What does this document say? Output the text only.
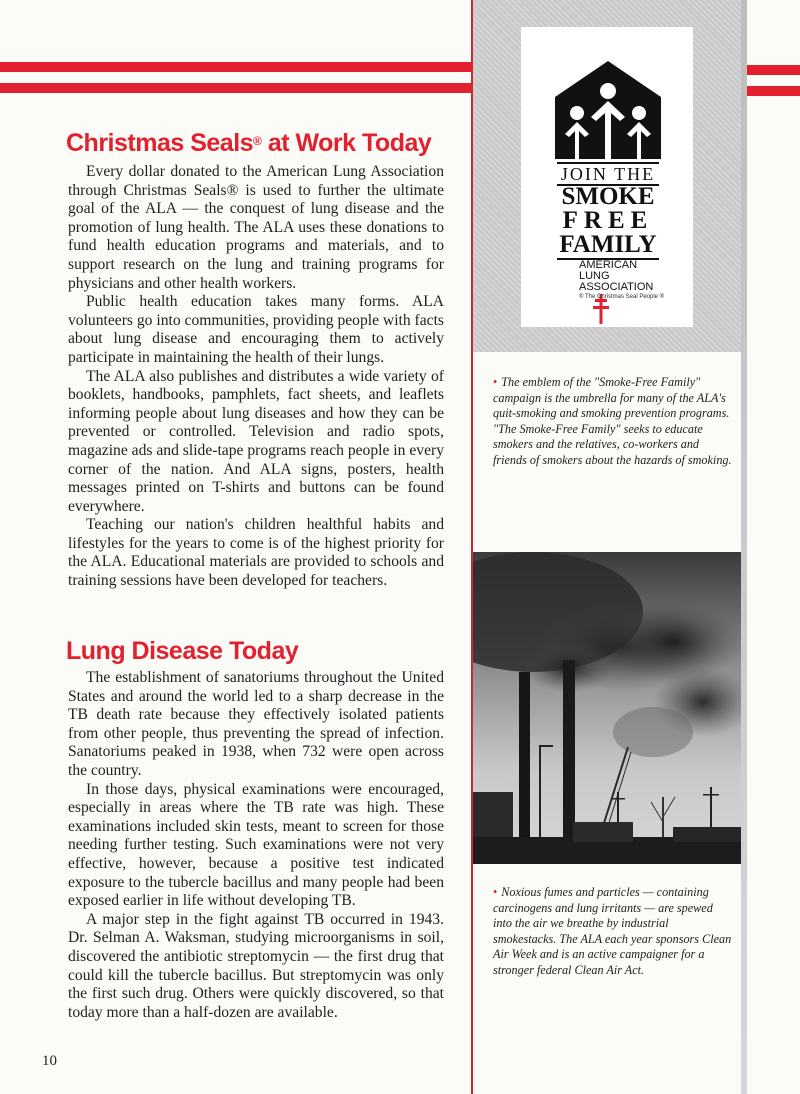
JOIN THE
SMOKE
FREE
FAMILY
AMERICAN
LUNG
ASSOCIATION
® The Christmas Seal People ®
Christmas Seals® at Work Today

Every dollar donated to the American Lung Association through Christmas Seals® is used to further the ultimate goal of the ALA — the conquest of lung disease and the promotion of lung health. The ALA uses these donations to fund health education programs and materials, and to support research on the lung and training programs for physicians and other health workers.

Public health education takes many forms. ALA volunteers go into communities, providing people with facts about lung disease and encouraging them to actively participate in maintaining the health of their lungs.

The ALA also publishes and distributes a wide variety of booklets, handbooks, pamphlets, fact sheets, and leaflets informing people about lung diseases and how they can be prevented or controlled. Television and radio spots, magazine ads and slide-tape programs reach people in every corner of the nation. And ALA signs, posters, health messages printed on T-shirts and buttons can be found everywhere.

Teaching our nation's children healthful habits and lifestyles for the years to come is of the highest priority for the ALA. Educational materials are provided to schools and training sessions have been developed for teachers.

Lung Disease Today

The establishment of sanatoriums throughout the United States and around the world led to a sharp decrease in the TB death rate because they effectively isolated patients from other people, thus preventing the spread of infection. Sanatoriums peaked in 1938, when 732 were open across the country.

In those days, physical examinations were encouraged, especially in areas where the TB rate was high. These examinations included skin tests, meant to screen for those needing further testing. Such examinations were not very effective, however, because a positive test indicated exposure to the tubercle bacillus and many people had been exposed earlier in life without developing TB.

A major step in the fight against TB occurred in 1943. Dr. Selman A. Waksman, studying microorganisms in soil, discovered the antibiotic streptomycin — the first drug that could kill the tubercle bacillus. But streptomycin was only the first such drug. Others were quickly discovered, so that today more than a half-dozen are available.

• The emblem of the "Smoke-Free Family" campaign is the umbrella for many of the ALA's quit-smoking and smoking prevention programs. "The Smoke-Free Family" seeks to educate smokers and the relatives, co-workers and friends of smokers about the hazards of smoking.
• Noxious fumes and particles — containing carcinogens and lung irritants — are spewed into the air we breathe by industrial smokestacks. The ALA each year sponsors Clean Air Week and is an active campaigner for a stronger federal Clean Air Act.
10
